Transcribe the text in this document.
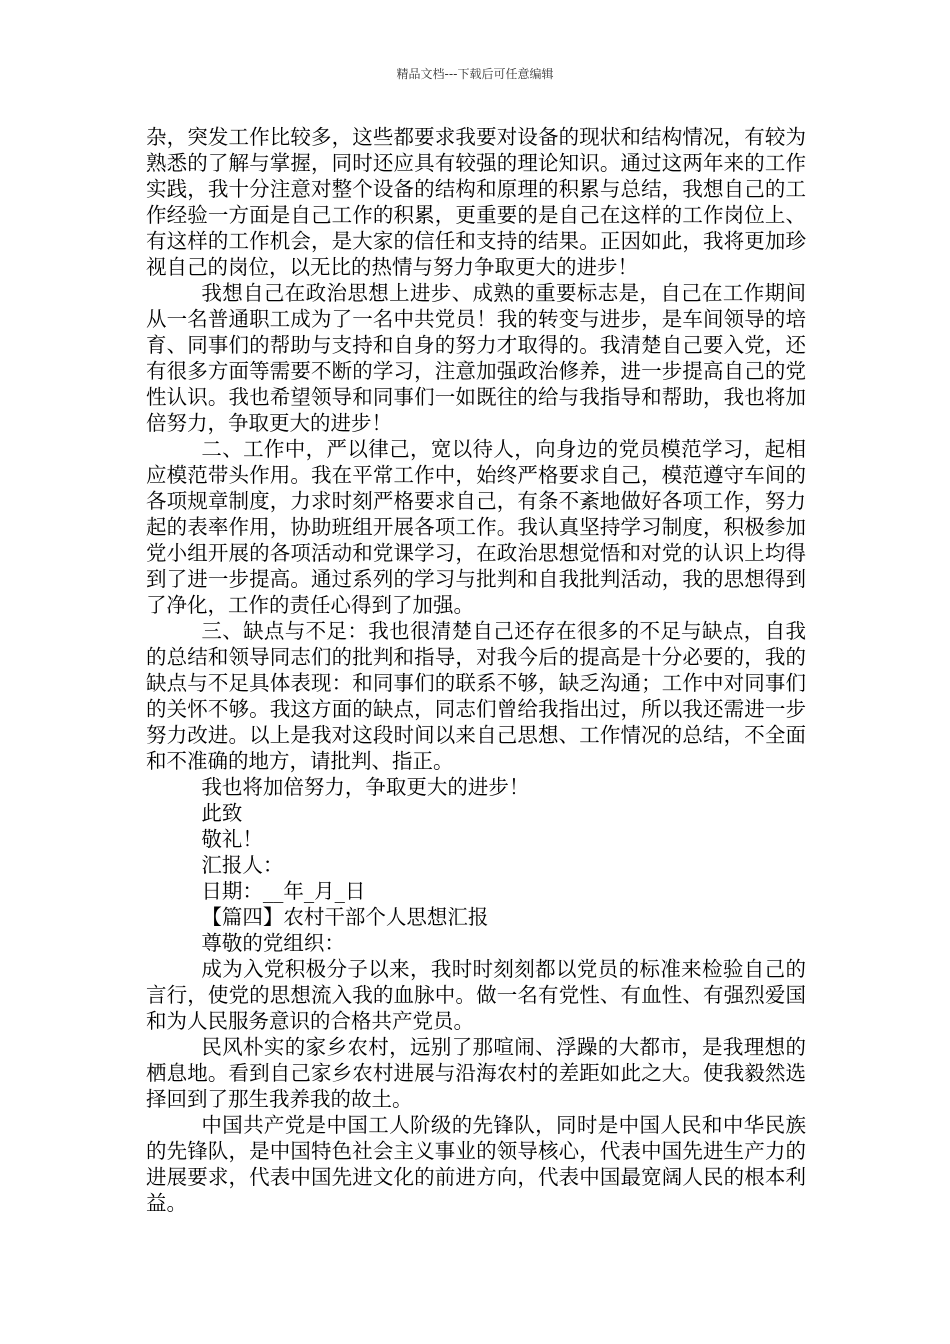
精品文档---下载后可任意编辑

杂，突发工作比较多，这些都要求我要对设备的现状和结构情况，有较为熟悉的了解与掌握，同时还应具有较强的理论知识。通过这两年来的工作实践，我十分注意对整个设备的结构和原理的积累与总结，我想自己的工作经验一方面是自己工作的积累，更重要的是自己在这样的工作岗位上、有这样的工作机会，是大家的信任和支持的结果。正因如此，我将更加珍视自己的岗位，以无比的热情与努力争取更大的进步！

我想自己在政治思想上进步、成熟的重要标志是，自己在工作期间从一名普通职工成为了一名中共党员！我的转变与进步，是车间领导的培育、同事们的帮助与支持和自身的努力才取得的。我清楚自己要入党，还有很多方面等需要不断的学习，注意加强政治修养，进一步提高自己的党性认识。我也希望领导和同事们一如既往的给与我指导和帮助，我也将加倍努力，争取更大的进步！

二、工作中，严以律己，宽以待人，向身边的党员模范学习，起相应模范带头作用。我在平常工作中，始终严格要求自己，模范遵守车间的各项规章制度，力求时刻严格要求自己，有条不紊地做好各项工作，努力起的表率作用，协助班组开展各项工作。我认真坚持学习制度，积极参加党小组开展的各项活动和党课学习，在政治思想觉悟和对党的认识上均得到了进一步提高。通过系列的学习与批判和自我批判活动，我的思想得到了净化，工作的责任心得到了加强。

三、缺点与不足：我也很清楚自己还存在很多的不足与缺点，自我的总结和领导同志们的批判和指导，对我今后的提高是十分必要的，我的缺点与不足具体表现：和同事们的联系不够，缺乏沟通；工作中对同事们的关怀不够。我这方面的缺点，同志们曾给我指出过，所以我还需进一步努力改进。以上是我对这段时间以来自己思想、工作情况的总结，不全面和不准确的地方，请批判、指正。

我也将加倍努力，争取更大的进步！

此致

敬礼！

汇报人：

日期：__年_月_日

【篇四】农村干部个人思想汇报

尊敬的党组织：

成为入党积极分子以来，我时时刻刻都以党员的标准来检验自己的言行，使党的思想流入我的血脉中。做一名有党性、有血性、有强烈爱国和为人民服务意识的合格共产党员。

民风朴实的家乡农村，远别了那喧闹、浮躁的大都市，是我理想的栖息地。看到自己家乡农村进展与沿海农村的差距如此之大。使我毅然选择回到了那生我养我的故土。

中国共产党是中国工人阶级的先锋队，同时是中国人民和中华民族的先锋队，是中国特色社会主义事业的领导核心，代表中国先进生产力的进展要求，代表中国先进文化的前进方向，代表中国最宽阔人民的根本利益。
